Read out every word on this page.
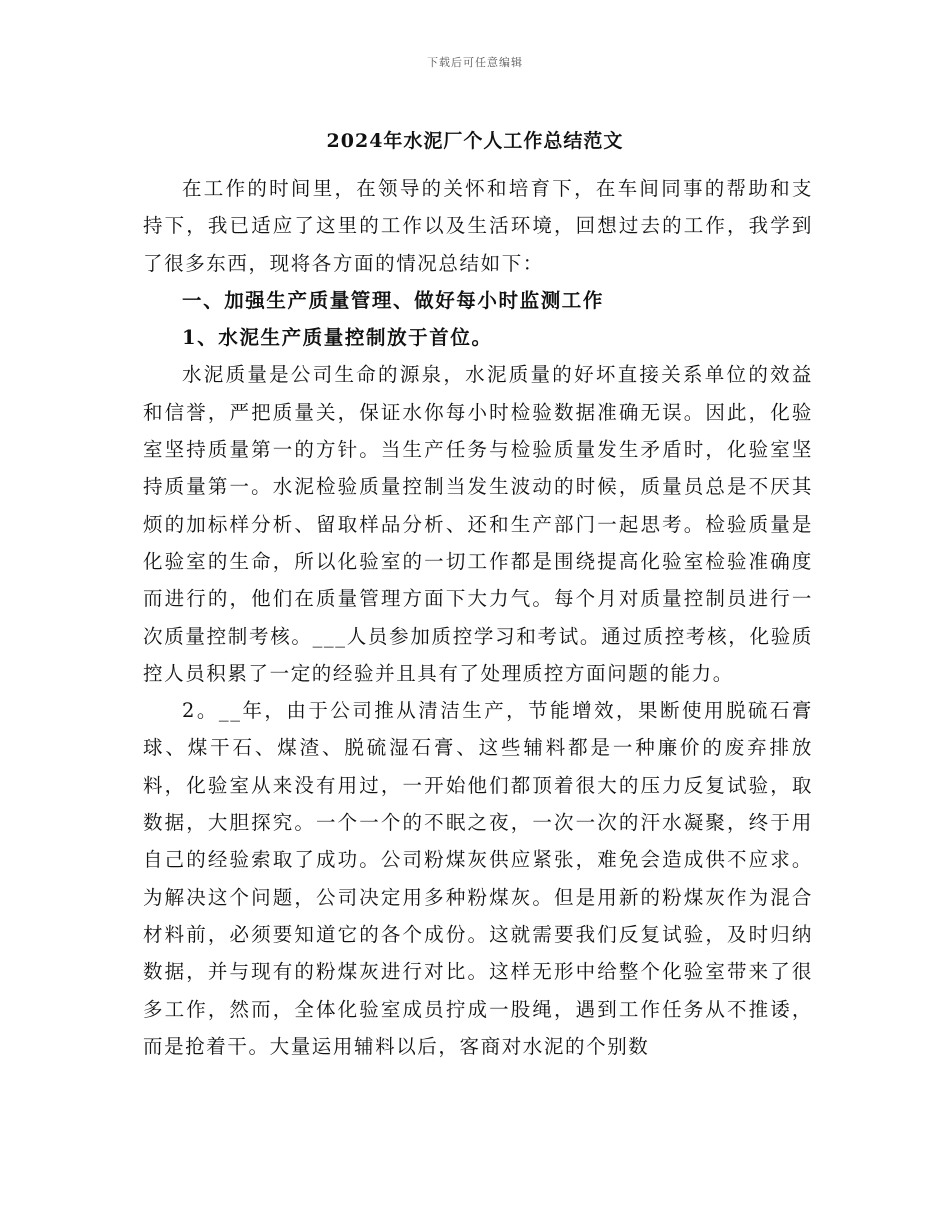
下载后可任意编辑
2024年水泥厂个人工作总结范文

在工作的时间里，在领导的关怀和培育下，在车间同事的帮助和支持下，我已适应了这里的工作以及生活环境，回想过去的工作，我学到了很多东西，现将各方面的情况总结如下：

一、加强生产质量管理、做好每小时监测工作

1、水泥生产质量控制放于首位。

水泥质量是公司生命的源泉，水泥质量的好坏直接关系单位的效益和信誉，严把质量关，保证水你每小时检验数据准确无误。因此，化验室坚持质量第一的方针。当生产任务与检验质量发生矛盾时，化验室坚持质量第一。水泥检验质量控制当发生波动的时候，质量员总是不厌其烦的加标样分析、留取样品分析、还和生产部门一起思考。检验质量是化验室的生命，所以化验室的一切工作都是围绕提高化验室检验准确度而进行的，他们在质量管理方面下大力气。每个月对质量控制员进行一次质量控制考核。___人员参加质控学习和考试。通过质控考核，化验质控人员积累了一定的经验并且具有了处理质控方面问题的能力。

2。__年，由于公司推从清洁生产，节能增效，果断使用脱硫石膏球、煤干石、煤渣、脱硫湿石膏、这些辅料都是一种廉价的废弃排放料，化验室从来没有用过，一开始他们都顶着很大的压力反复试验，取数据，大胆探究。一个一个的不眠之夜，一次一次的汗水凝聚，终于用自己的经验索取了成功。公司粉煤灰供应紧张，难免会造成供不应求。为解决这个问题，公司决定用多种粉煤灰。但是用新的粉煤灰作为混合材料前，必须要知道它的各个成份。这就需要我们反复试验，及时归纳数据，并与现有的粉煤灰进行对比。这样无形中给整个化验室带来了很多工作，然而，全体化验室成员拧成一股绳，遇到工作任务从不推诿，而是抢着干。大量运用辅料以后，客商对水泥的个别数
